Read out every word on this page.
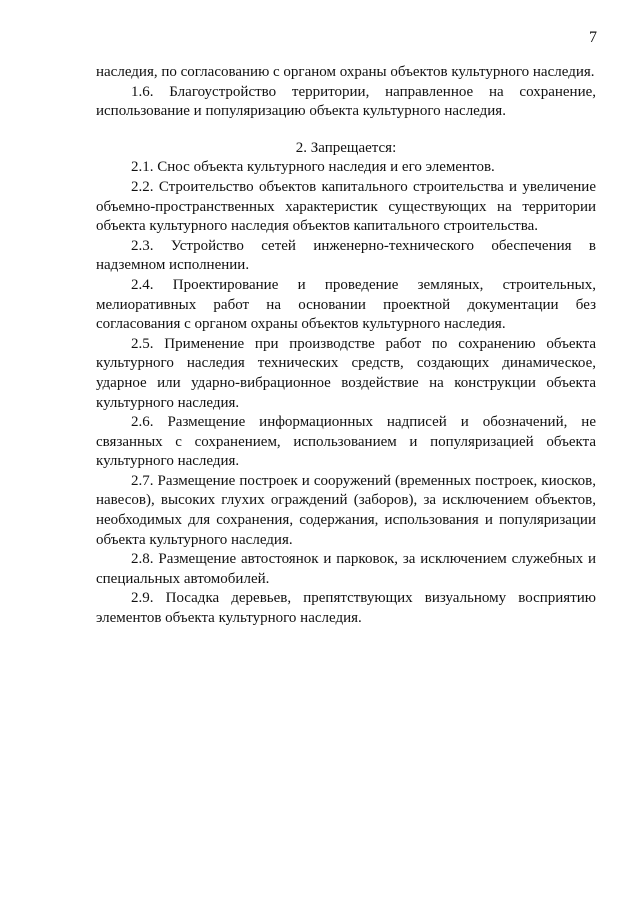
7

наследия, по согласованию с органом охраны объектов культурного наследия.

1.6. Благоустройство территории, направленное на сохранение, использование и популяризацию объекта культурного наследия.

2. Запрещается:

2.1. Снос объекта культурного наследия и его элементов.

2.2. Строительство объектов капитального строительства и увеличение объемно-пространственных характеристик существующих на территории объекта культурного наследия объектов капитального строительства.

2.3. Устройство сетей инженерно-технического обеспечения в надземном исполнении.

2.4. Проектирование и проведение земляных, строительных, мелиоративных работ на основании проектной документации без согласования с органом охраны объектов культурного наследия.

2.5. Применение при производстве работ по сохранению объекта культурного наследия технических средств, создающих динамическое, ударное или ударно-вибрационное воздействие на конструкции объекта культурного наследия.

2.6. Размещение информационных надписей и обозначений, не связанных с сохранением, использованием и популяризацией объекта культурного наследия.

2.7. Размещение построек и сооружений (временных построек, киосков, навесов), высоких глухих ограждений (заборов), за исключением объектов, необходимых для сохранения, содержания, использования и популяризации объекта культурного наследия.

2.8. Размещение автостоянок и парковок, за исключением служебных и специальных автомобилей.

2.9. Посадка деревьев, препятствующих визуальному восприятию элементов объекта культурного наследия.
